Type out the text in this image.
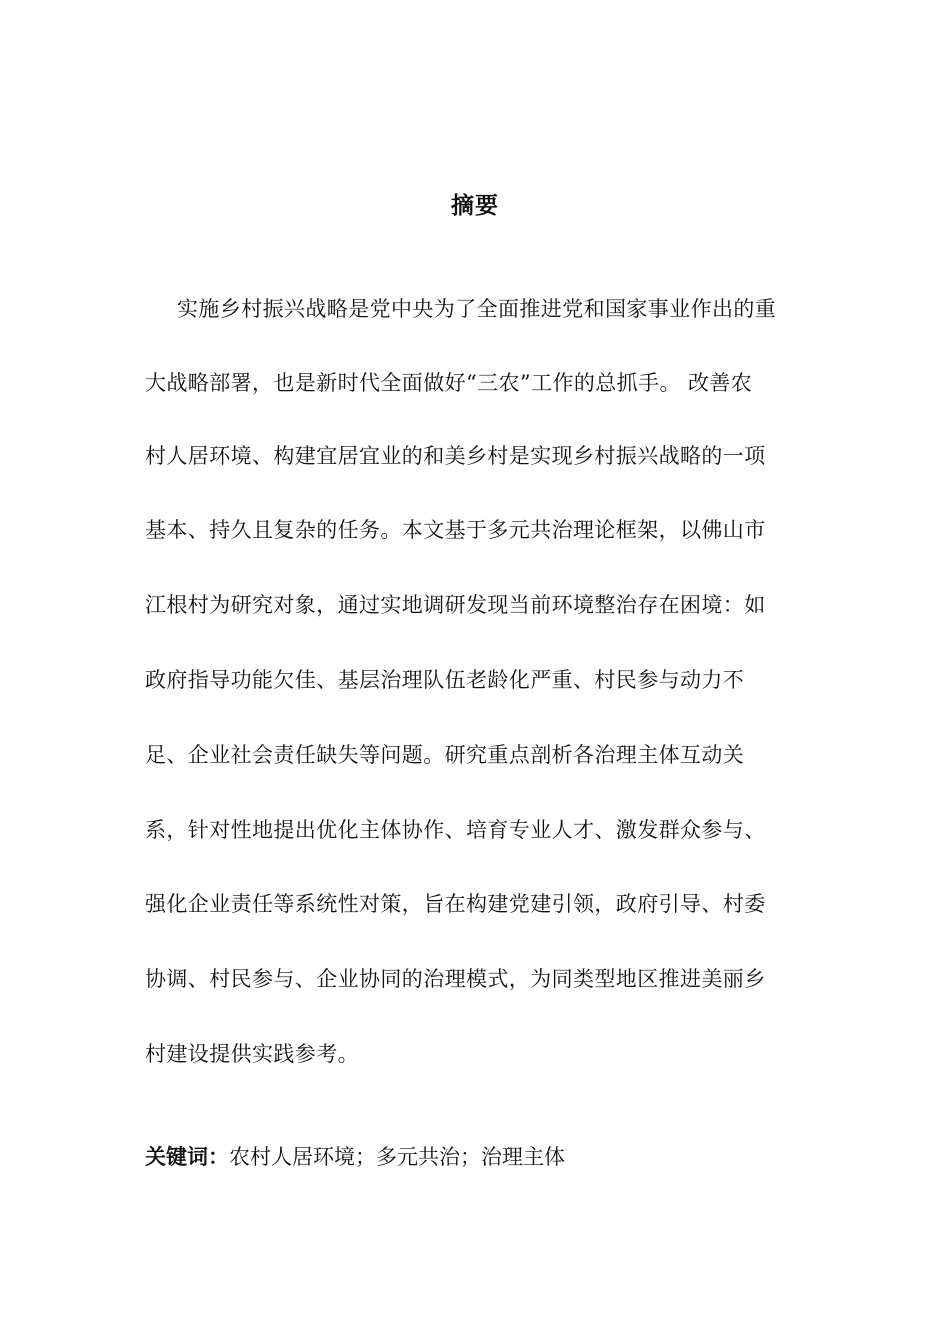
摘要
实施乡村振兴战略是党中央为了全面推进党和国家事业作出的重
大战略部署，也是新时代全面做好“三农”工作的总抓手。 改善农
村人居环境、构建宜居宜业的和美乡村是实现乡村振兴战略的一项
基本、持久且复杂的任务。本文基于多元共治理论框架，以佛山市
江根村为研究对象，通过实地调研发现当前环境整治存在困境：如
政府指导功能欠佳、基层治理队伍老龄化严重、村民参与动力不
足、企业社会责任缺失等问题。研究重点剖析各治理主体互动关
系，针对性地提出优化主体协作、培育专业人才、激发群众参与、
强化企业责任等系统性对策，旨在构建党建引领，政府引导、村委
协调、村民参与、企业协同的治理模式，为同类型地区推进美丽乡
村建设提供实践参考。
关键词：农村人居环境；多元共治；治理主体
